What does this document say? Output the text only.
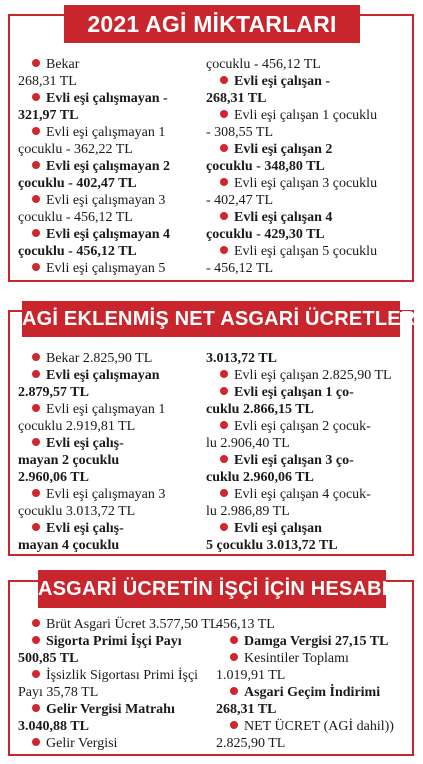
Bekar
268,31 TL
Evli eşi çalışmayan -
321,97 TL
Evli eşi çalışmayan 1
çocuklu - 362,22 TL
Evli eşi çalışmayan 2
çocuklu - 402,47 TL
Evli eşi çalışmayan 3
çocuklu - 456,12 TL
Evli eşi çalışmayan 4
çocuklu - 456,12 TL
Evli eşi çalışmayan 5
çocuklu - 456,12 TL
Evli eşi çalışan -
268,31 TL
Evli eşi çalışan 1 çocuklu
- 308,55 TL
Evli eşi çalışan 2
çocuklu - 348,80 TL
Evli eşi çalışan 3 çocuklu
- 402,47 TL
Evli eşi çalışan 4
çocuklu - 429,30 TL
Evli eşi çalışan 5 çocuklu
- 456,12 TL
2021 AGİ MİKTARLARI
Bekar 2.825,90 TL
Evli eşi çalışmayan
2.879,57 TL
Evli eşi çalışmayan 1
çocuklu 2.919,81 TL
Evli eşi çalış-
mayan 2 çocuklu
2.960,06 TL
Evli eşi çalışmayan 3
çocuklu 3.013,72 TL
Evli eşi çalış-
mayan 4 çocuklu
3.013,72 TL
Evli eşi çalışan 2.825,90 TL
Evli eşi çalışan 1 ço-
cuklu 2.866,15 TL
Evli eşi çalışan 2 çocuk-
lu 2.906,40 TL
Evli eşi çalışan 3 ço-
cuklu 2.960,06 TL
Evli eşi çalışan 4 çocuk-
lu 2.986,89 TL
Evli eşi çalışan
5 çocuklu 3.013,72 TL
AGİ EKLENMİŞ NET ASGARİ ÜCRETLER
Brüt Asgari Ücret 3.577,50 TL
Sigorta Primi İşçi Payı
500,85 TL
İşsizlik Sigortası Primi İşçi
Payı 35,78 TL
Gelir Vergisi Matrahı
3.040,88 TL
Gelir Vergisi
456,13 TL
Damga Vergisi 27,15 TL
Kesintiler Toplamı
1.019,91 TL
Asgari Geçim İndirimi
268,31 TL
NET ÜCRET (AGİ dahil))
2.825,90 TL
ASGARİ ÜCRETİN İŞÇİ İÇİN HESABI
